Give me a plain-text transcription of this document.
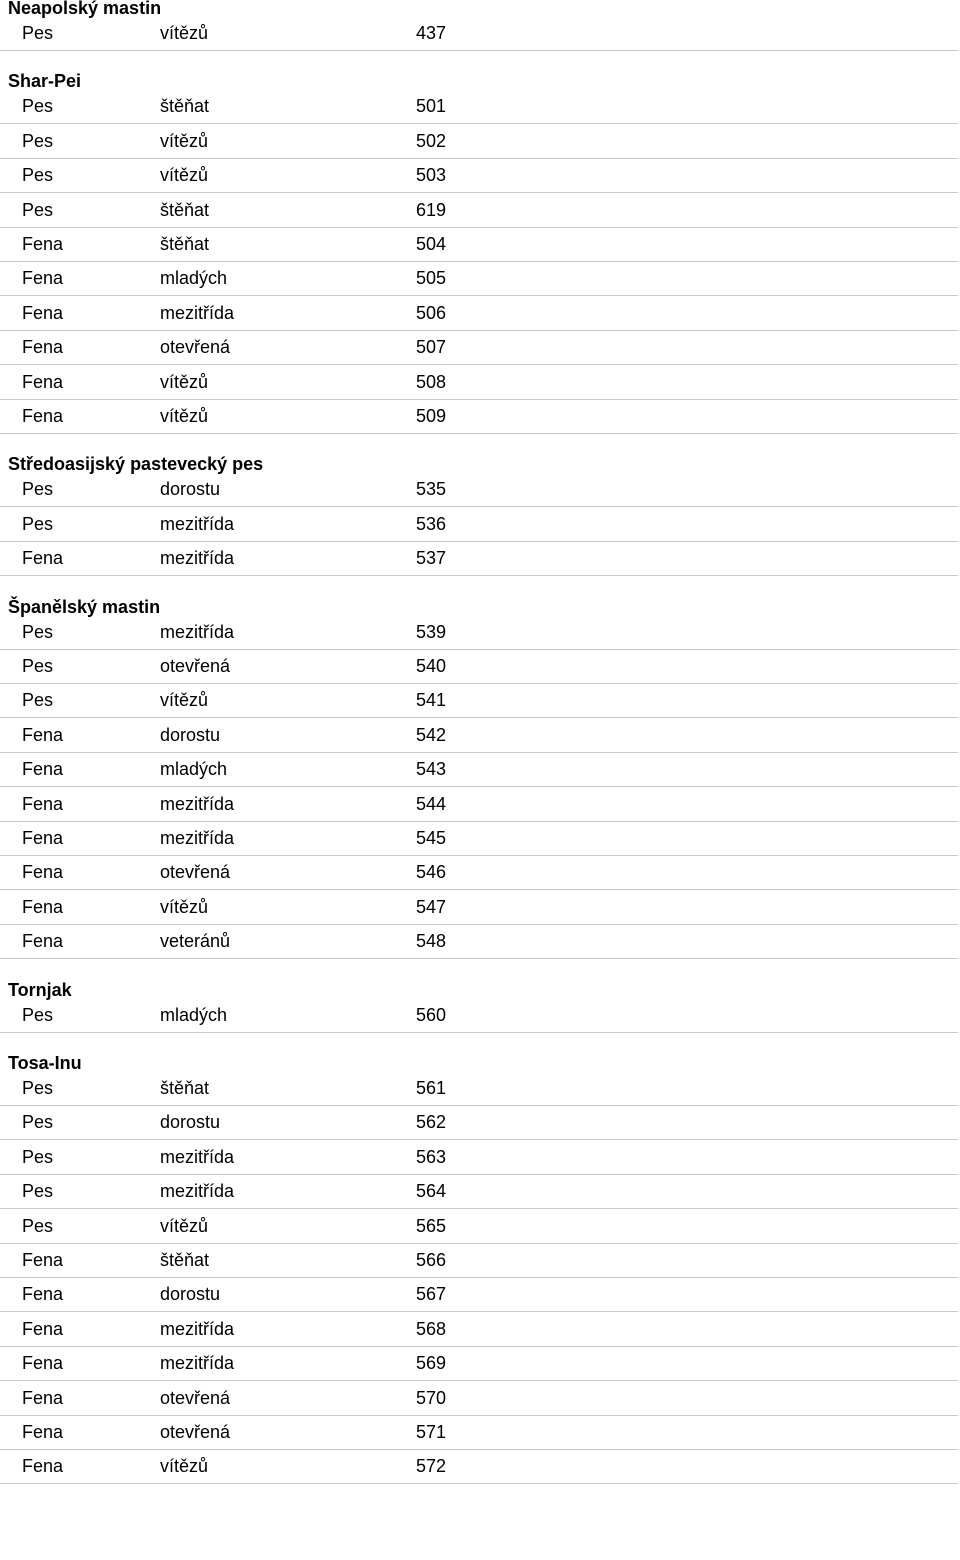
Neapolský mastin
Pes	vítězů	437
Shar-Pei
Pes	štěňat	501
Pes	vítězů	502
Pes	vítězů	503
Pes	štěňat	619
Fena	štěňat	504
Fena	mladých	505
Fena	mezitřída	506
Fena	otevřená	507
Fena	vítězů	508
Fena	vítězů	509
Středoasijský pastevecký pes
Pes	dorostu	535
Pes	mezitřída	536
Fena	mezitřída	537
Španělský mastin
Pes	mezitřída	539
Pes	otevřená	540
Pes	vítězů	541
Fena	dorostu	542
Fena	mladých	543
Fena	mezitřída	544
Fena	mezitřída	545
Fena	otevřená	546
Fena	vítězů	547
Fena	veteránů	548
Tornjak
Pes	mladých	560
Tosa-Inu
Pes	štěňat	561
Pes	dorostu	562
Pes	mezitřída	563
Pes	mezitřída	564
Pes	vítězů	565
Fena	štěňat	566
Fena	dorostu	567
Fena	mezitřída	568
Fena	mezitřída	569
Fena	otevřená	570
Fena	otevřená	571
Fena	vítězů	572
